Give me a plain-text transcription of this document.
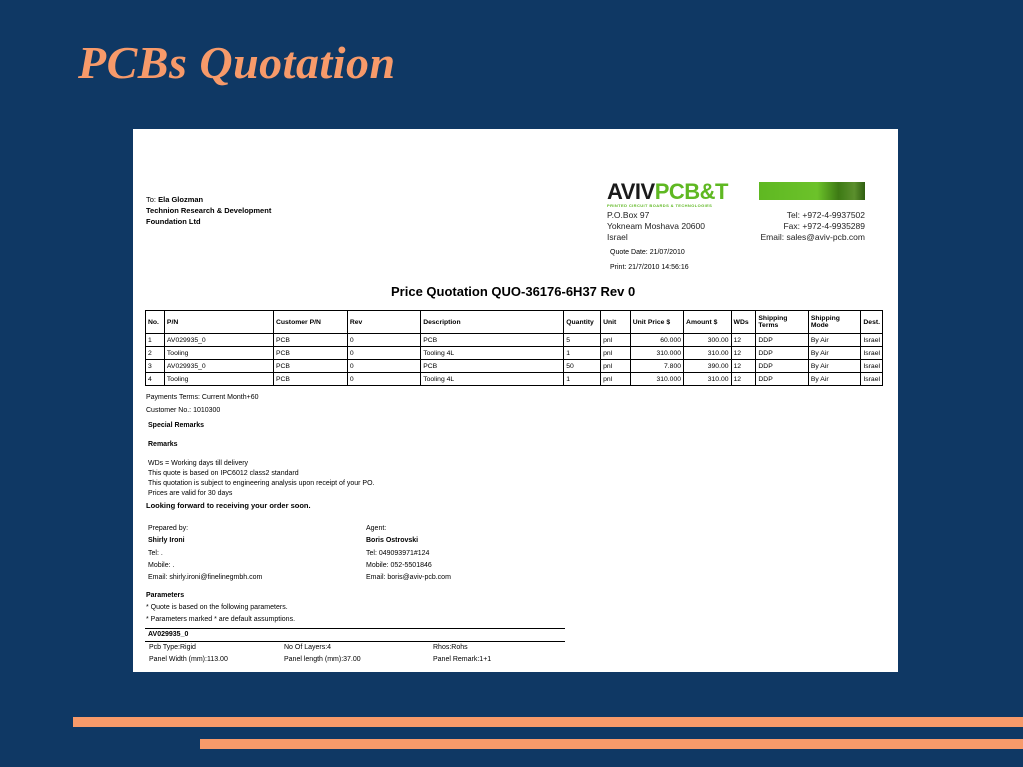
PCBs Quotation
To: Ela Glozman
Technion Research & Development
Foundation Ltd
AVIVPCB&T
PRINTED CIRCUIT BOARDS & TECHNOLOGIES
P.O.Box 97
Yokneam Moshava 20600
Israel
Tel: +972-4-9937502
Fax: +972-4-9935289
Email: sales@aviv-pcb.com
Quote Date: 21/07/2010
Print: 21/7/2010 14:56:16
Price Quotation QUO-36176-6H37 Rev 0
No.	P/N	Customer P/N	Rev	Description	Quantity	Unit	Unit Price $	Amount $	WDs	Shipping Terms	Shipping Mode	Dest.
1	AV029935_0	PCB	0	PCB	5	pnl	60.000	300.00	12	DDP	By Air	Israel
2	Tooling	PCB	0	Tooling 4L	1	pnl	310.000	310.00	12	DDP	By Air	Israel
3	AV029935_0	PCB	0	PCB	50	pnl	7.800	390.00	12	DDP	By Air	Israel
4	Tooling	PCB	0	Tooling 4L	1	pnl	310.000	310.00	12	DDP	By Air	Israel
Payments Terms: Current Month+60
Customer No.: 1010300
Special Remarks
Remarks
WDs = Working days till delivery
This quote is based on IPC6012 class2 standard
This quotation is subject to engineering analysis upon receipt of your PO.
Prices are valid for 30 days
Looking forward to receiving your order soon.
Prepared by:
Shirly Ironi
Tel: .
Mobile: .
Email: shirly.ironi@finelinegmbh.com
Agent:
Boris Ostrovski
Tel: 049093971#124
Mobile: 052-5501846
Email: boris@aviv-pcb.com
Parameters
* Quote is based on the following parameters.
* Parameters marked * are default assumptions.
AV029935_0
Pcb Type:Rigid	No Of Layers:4	Rhos:Rohs
Panel Width (mm):113.00	Panel length (mm):37.00	Panel Remark:1+1
